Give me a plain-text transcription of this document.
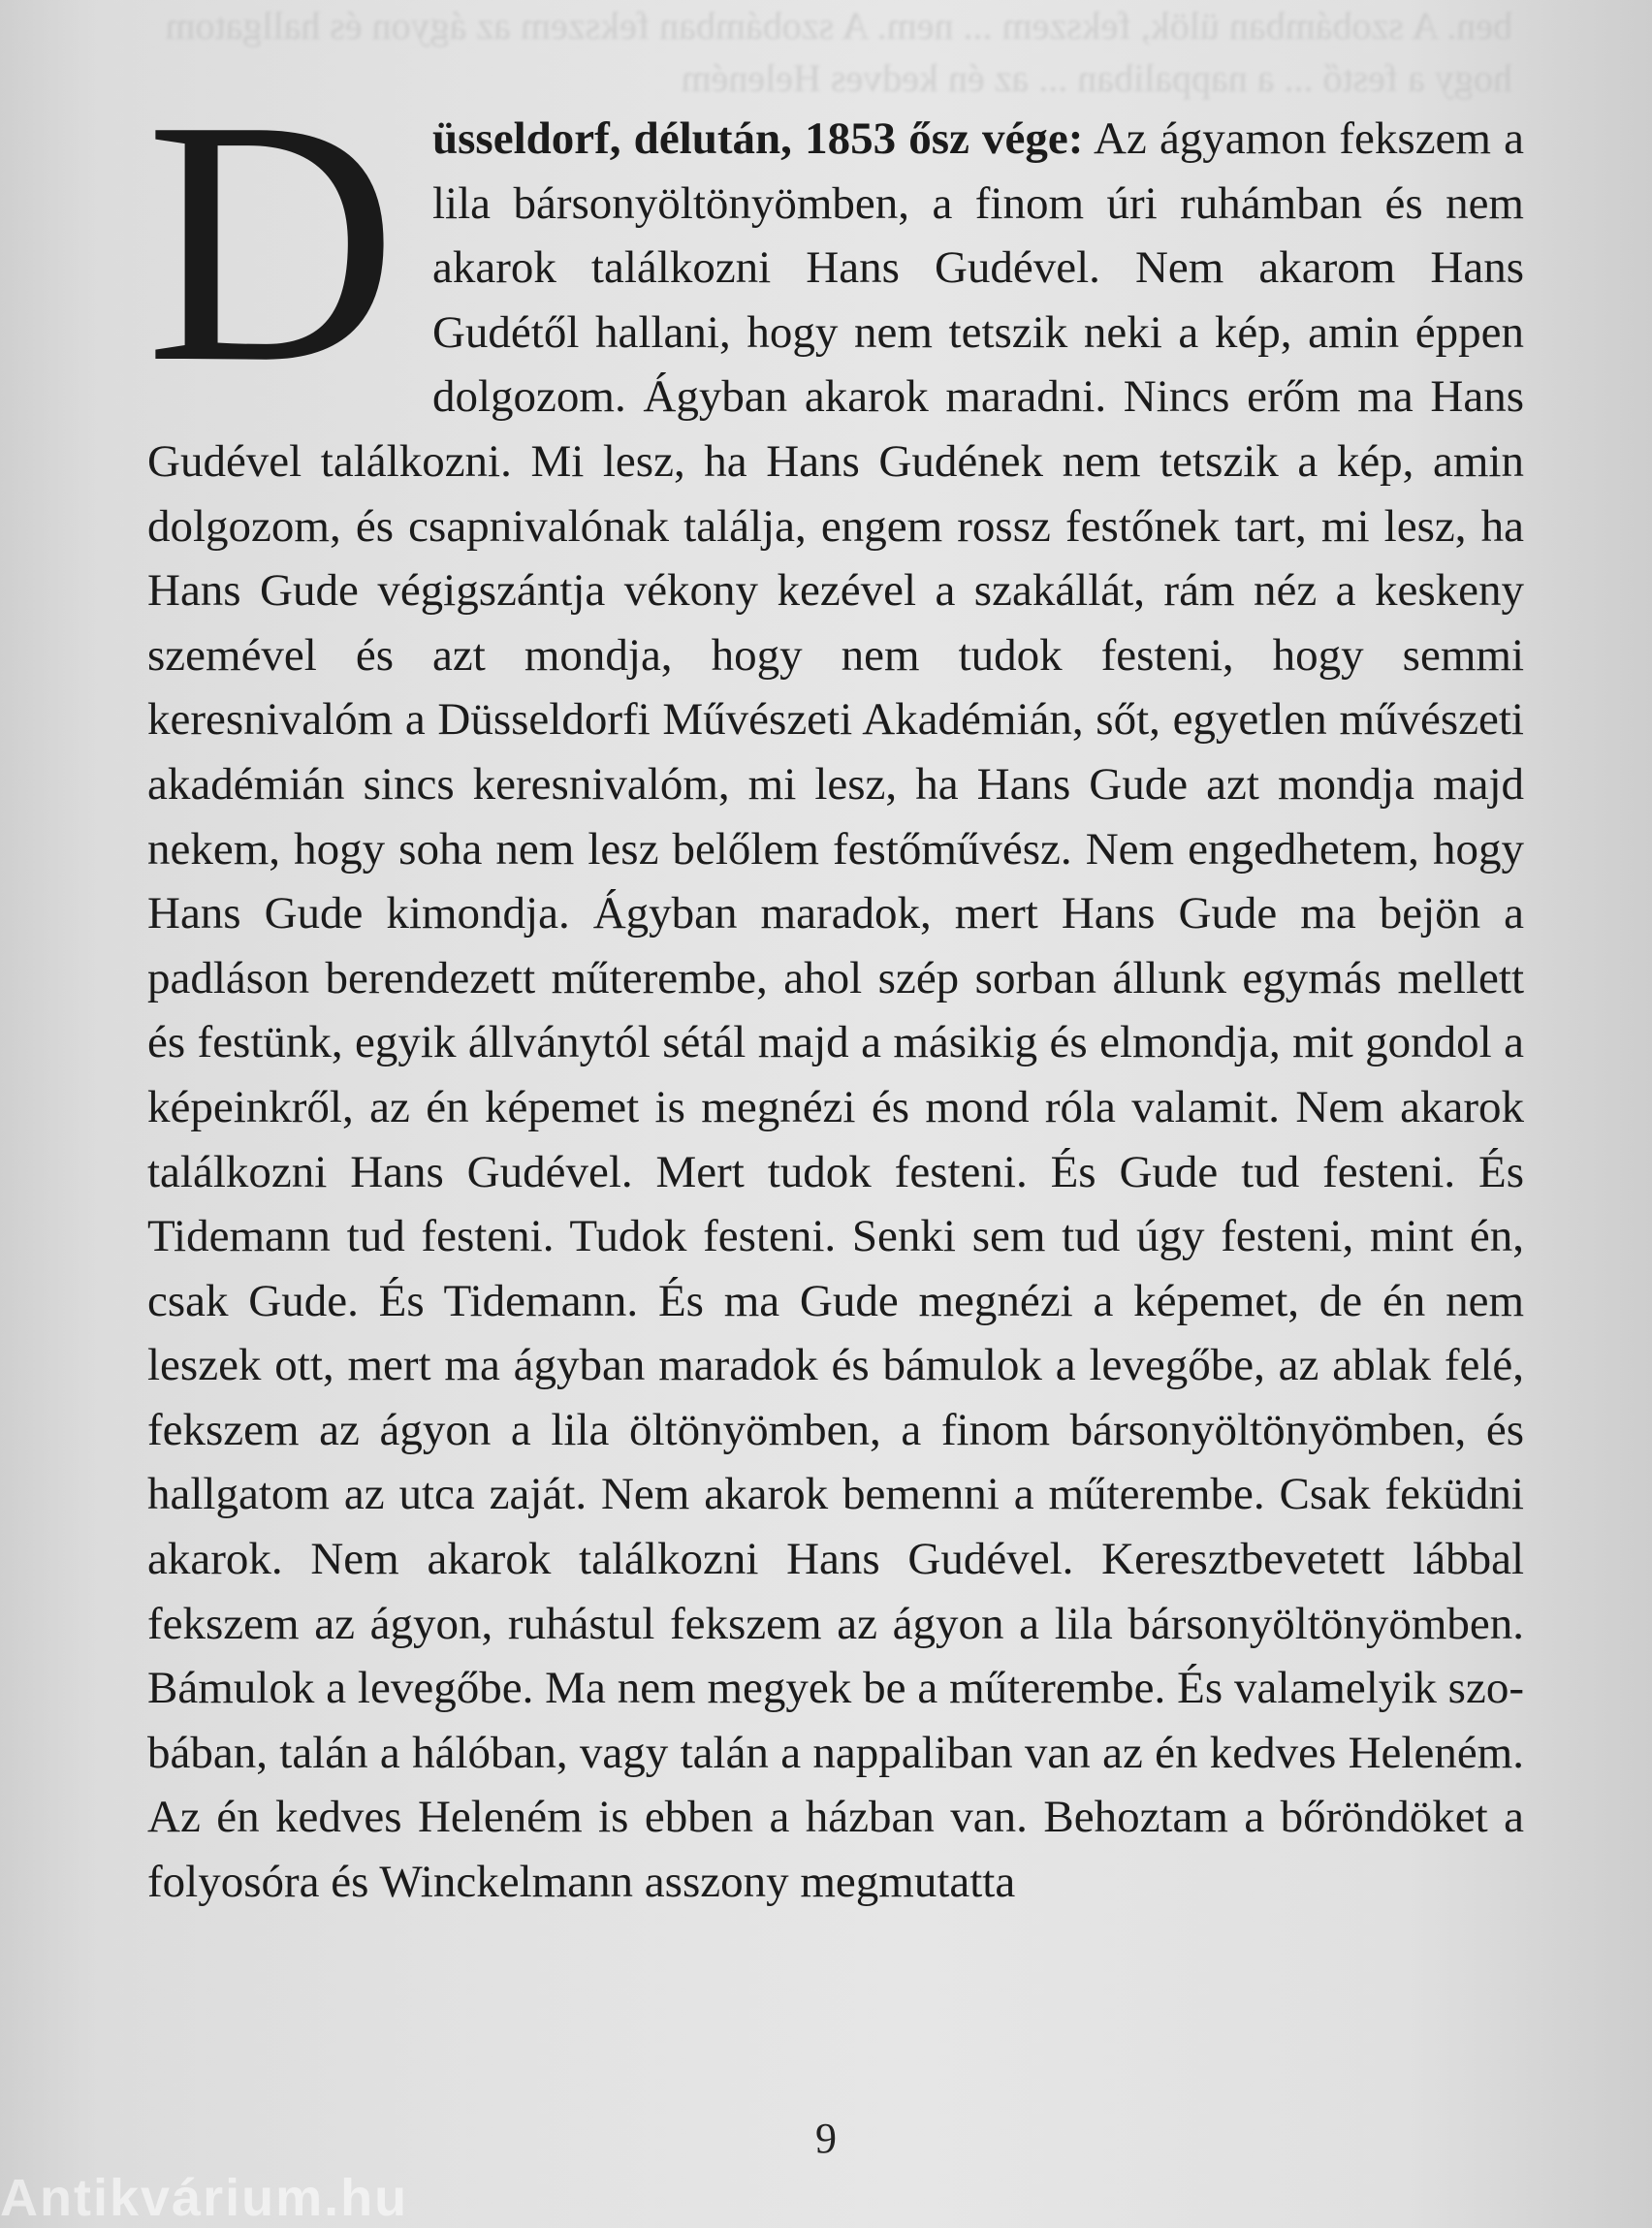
ben. A szobámban ülök, fekszem ... nem. A szobámban fekszem az ágyon és hallgatom
hogy a festő ... a nappaliban ... az én kedves Heleném
D üsseldorf, délután, 1853 ősz vége: Az ágyamon fekszem a lila bársonyöltönyömben, a finom úri ruhámban és nem akarok találkozni Hans Gudével. Nem akarom Hans Gudétől hallani, hogy nem tetszik neki a kép, amin éppen dolgozom. Ágyban akarok maradni. Nincs erőm ma Hans Gudével találkozni. Mi lesz, ha Hans Gudének nem tetszik a kép, amin dolgozom, és csapnivalónak találja, engem rossz festőnek tart, mi lesz, ha Hans Gude végigszántja vékony kezével a szakállát, rám néz a keskeny szemével és azt mondja, hogy nem tudok festeni, hogy semmi keresnivalóm a Düsseldorfi Művészeti Akadémián, sőt, egyetlen művészeti akadémián sincs keresnivalóm, mi lesz, ha Hans Gude azt mondja majd nekem, hogy soha nem lesz belőlem festőművész. Nem engedhetem, hogy Hans Gude kimondja. Ágyban maradok, mert Hans Gude ma bejön a padláson berendezett műterembe, ahol szép sorban állunk egymás mellett és festünk, egyik állványtól sétál majd a másikig és elmondja, mit gondol a képeinkről, az én képemet is megnézi és mond róla valamit. Nem akarok találkozni Hans Gudével. Mert tudok festeni. És Gude tud festeni. És Tidemann tud festeni. Tudok festeni. Senki sem tud úgy festeni, mint én, csak Gude. És Tidemann. És ma Gude megnézi a képemet, de én nem leszek ott, mert ma ágyban maradok és bámulok a levegőbe, az ablak felé, fekszem az ágyon a lila öltönyömben, a finom bársonyöltönyömben, és hallgatom az utca zaját. Nem akarok bemenni a műterembe. Csak feküdni akarok. Nem akarok találkozni Hans Gudével. Keresztbevetett lábbal fekszem az ágyon, ruhástul fekszem az ágyon a lila bársonyöltönyömben. Bámulok a levegőbe. Ma nem megyek be a műterembe. És valamelyik szobában, talán a hálóban, vagy talán a nappaliban van az én kedves Heleném. Az én kedves Heleném is ebben a házban van. Behoztam a bőröndöket a folyosóra és Winckelmann asszony megmutatta

9
Antikvárium.hu
